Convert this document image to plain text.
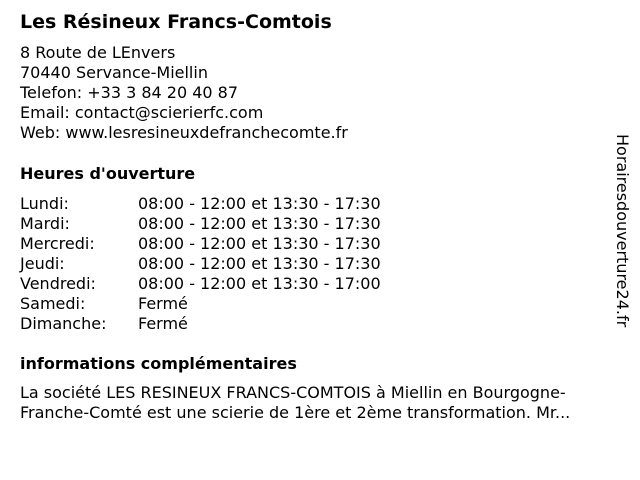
Les Résineux Francs-Comtois
8 Route de LEnvers
70440 Servance-Miellin
Telefon: +33 3 84 20 40 87
Email: contact@scierierfc.com
Web: www.lesresineuxdefranchecomte.fr
Heures d'ouverture
Lundi:	08:00 - 12:00 et 13:30 - 17:30
Mardi:	08:00 - 12:00 et 13:30 - 17:30
Mercredi:	08:00 - 12:00 et 13:30 - 17:30
Jeudi:	08:00 - 12:00 et 13:30 - 17:30
Vendredi:	08:00 - 12:00 et 13:30 - 17:00
Samedi:	Fermé
Dimanche:	Fermé
informations complémentaires
La société LES RESINEUX FRANCS-COMTOIS à Miellin en Bourgogne-Franche-Comté est une scierie de 1ère et 2ème transformation. Mr...
Horairesdouverture24.fr
